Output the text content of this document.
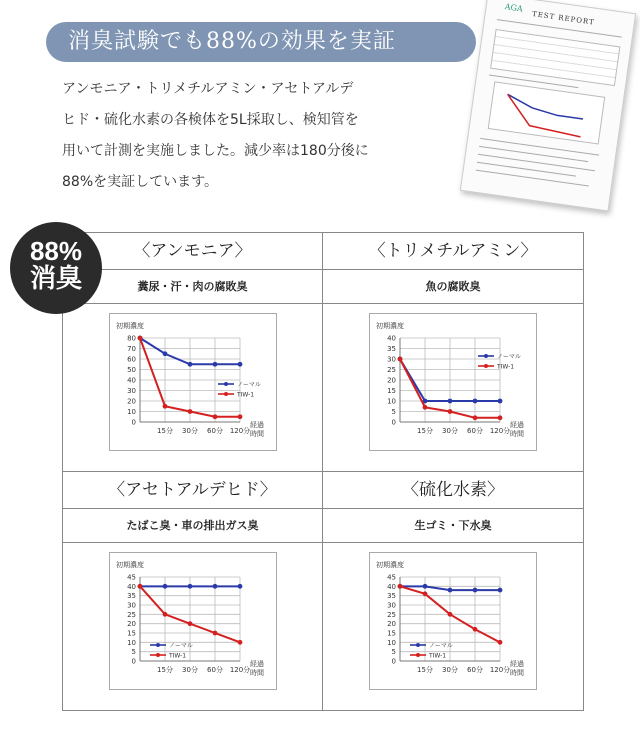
消臭試験でも88%の効果を実証

アンモニア・トリメチルアミン・アセトアルデ

ヒド・硫化水素の各検体を5L採取し、検知管を

用いて計測を実施しました。減少率は180分後に

88%を実証しています。

AGA
TEST REPORT
88%
消臭
〈アンモニア〉
糞尿・汗・肉の腐敗臭
初期濃度
0
10
20
30
40
50
60
70
80
15分 30分 60分 120分
経過
時間
ノーマル
TIW-1
〈トリメチルアミン〉
魚の腐敗臭
初期濃度
0
5
10
15
20
25
30
35
40
15分 30分 60分 120分
経過
時間
ノーマル
TIW-1
〈アセトアルデヒド〉
たばこ臭・車の排出ガス臭
初期濃度
0
5
10
15
20
25
30
35
40
45
15分 30分 60分 120分
経過
時間
ノーマル
TIW-1
〈硫化水素〉
生ゴミ・下水臭
初期濃度
0
5
10
15
20
25
30
35
40
45
15分 30分 60分 120分
経過
時間
ノーマル
TIW-1
